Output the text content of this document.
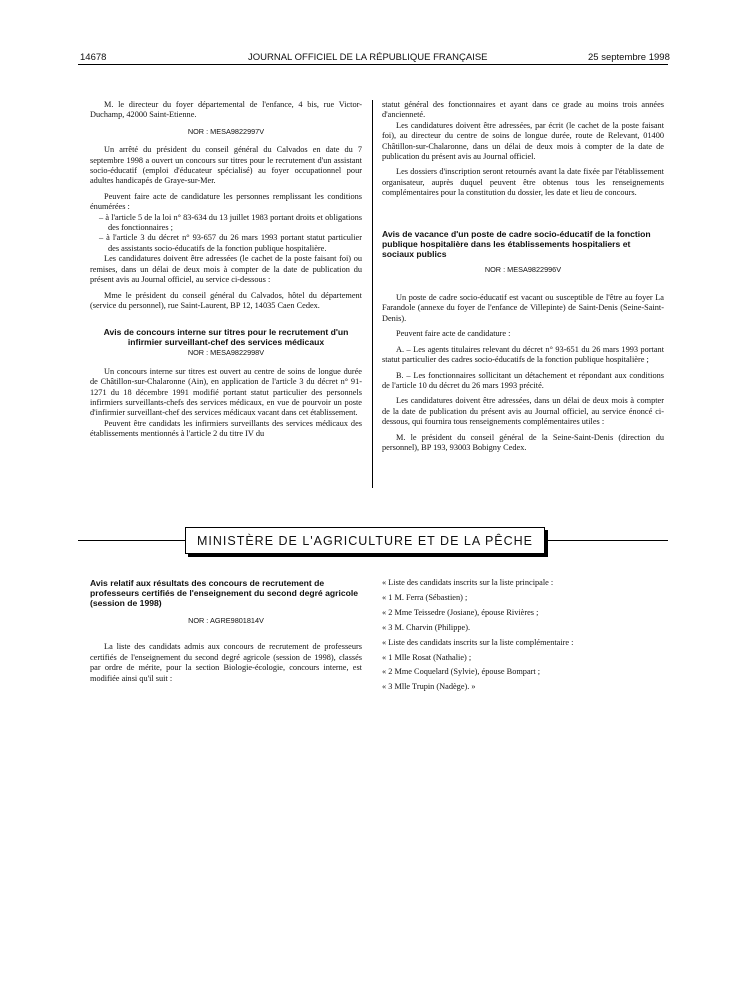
14678	JOURNAL OFFICIEL DE LA RÉPUBLIQUE FRANÇAISE	25 septembre 1998

M. le directeur du foyer départemental de l'enfance, 4 bis, rue Victor-Duchamp, 42000 Saint-Etienne.

NOR : MESA9822997V

Un arrêté du président du conseil général du Calvados en date du 7 septembre 1998 a ouvert un concours sur titres pour le recrutement d'un assistant socio-éducatif (emploi d'éducateur spécialisé) au foyer occupationnel pour adultes handicapés de Graye-sur-Mer.

Peuvent faire acte de candidature les personnes remplissant les conditions énumérées :

– à l'article 5 de la loi n° 83-634 du 13 juillet 1983 portant droits et obligations des fonctionnaires ;

– à l'article 3 du décret n° 93-657 du 26 mars 1993 portant statut particulier des assistants socio-éducatifs de la fonction publique hospitalière.

Les candidatures doivent être adressées (le cachet de la poste faisant foi) ou remises, dans un délai de deux mois à compter de la date de publication du présent avis au Journal officiel, au service ci-dessous :

Mme le président du conseil général du Calvados, hôtel du département (service du personnel), rue Saint-Laurent, BP 12, 14035 Caen Cedex.

Avis de concours interne sur titres pour le recrutement d'un infirmier surveillant-chef des services médicaux

NOR : MESA9822998V

Un concours interne sur titres est ouvert au centre de soins de longue durée de Châtillon-sur-Chalaronne (Ain), en application de l'article 3 du décret n° 91-1271 du 18 décembre 1991 modifié portant statut particulier des personnels infirmiers surveillants-chefs des services médicaux, en vue de pourvoir un poste d'infirmier surveillant-chef des services médicaux vacant dans cet établissement.

Peuvent être candidats les infirmiers surveillants des services médicaux des établissements mentionnés à l'article 2 du titre IV du

statut général des fonctionnaires et ayant dans ce grade au moins trois années d'ancienneté.

Les candidatures doivent être adressées, par écrit (le cachet de la poste faisant foi), au directeur du centre de soins de longue durée, route de Relevant, 01400 Châtillon-sur-Chalaronne, dans un délai de deux mois à compter de la date de publication du présent avis au Journal officiel.

Les dossiers d'inscription seront retournés avant la date fixée par l'établissement organisateur, auprès duquel peuvent être obtenus tous les renseignements complémentaires pour la constitution du dossier, les date et lieu de concours.

Avis de vacance d'un poste de cadre socio-éducatif de la fonction publique hospitalière dans les établissements hospitaliers et sociaux publics

NOR : MESA9822996V

Un poste de cadre socio-éducatif est vacant ou susceptible de l'être au foyer La Farandole (annexe du foyer de l'enfance de Villepinte) de Saint-Denis (Seine-Saint-Denis).

Peuvent faire acte de candidature :

A. – Les agents titulaires relevant du décret n° 93-651 du 26 mars 1993 portant statut particulier des cadres socio-éducatifs de la fonction publique hospitalière ;

B. – Les fonctionnaires sollicitant un détachement et répondant aux conditions de l'article 10 du décret du 26 mars 1993 précité.

Les candidatures doivent être adressées, dans un délai de deux mois à compter de la date de publication du présent avis au Journal officiel, au service énoncé ci-dessous, qui fournira tous renseignements complémentaires utiles :

M. le président du conseil général de la Seine-Saint-Denis (direction du personnel), BP 193, 93003 Bobigny Cedex.

MINISTÈRE DE L'AGRICULTURE ET DE LA PÊCHE

Avis relatif aux résultats des concours de recrutement de professeurs certifiés de l'enseignement du second degré agricole (session de 1998)

NOR : AGRE9801814V

La liste des candidats admis aux concours de recrutement de professeurs certifiés de l'enseignement du second degré agricole (session de 1998), classés par ordre de mérite, pour la section Biologie-écologie, concours interne, est modifiée ainsi qu'il suit :

« Liste des candidats inscrits sur la liste principale :

« 1 M. Ferra (Sébastien) ;

« 2 Mme Teissedre (Josiane), épouse Rivières ;

« 3 M. Charvin (Philippe).

« Liste des candidats inscrits sur la liste complémentaire :

« 1 Mlle Rosat (Nathalie) ;

« 2 Mme Coquelard (Sylvie), épouse Bompart ;

« 3 Mlle Trupin (Nadège). »
